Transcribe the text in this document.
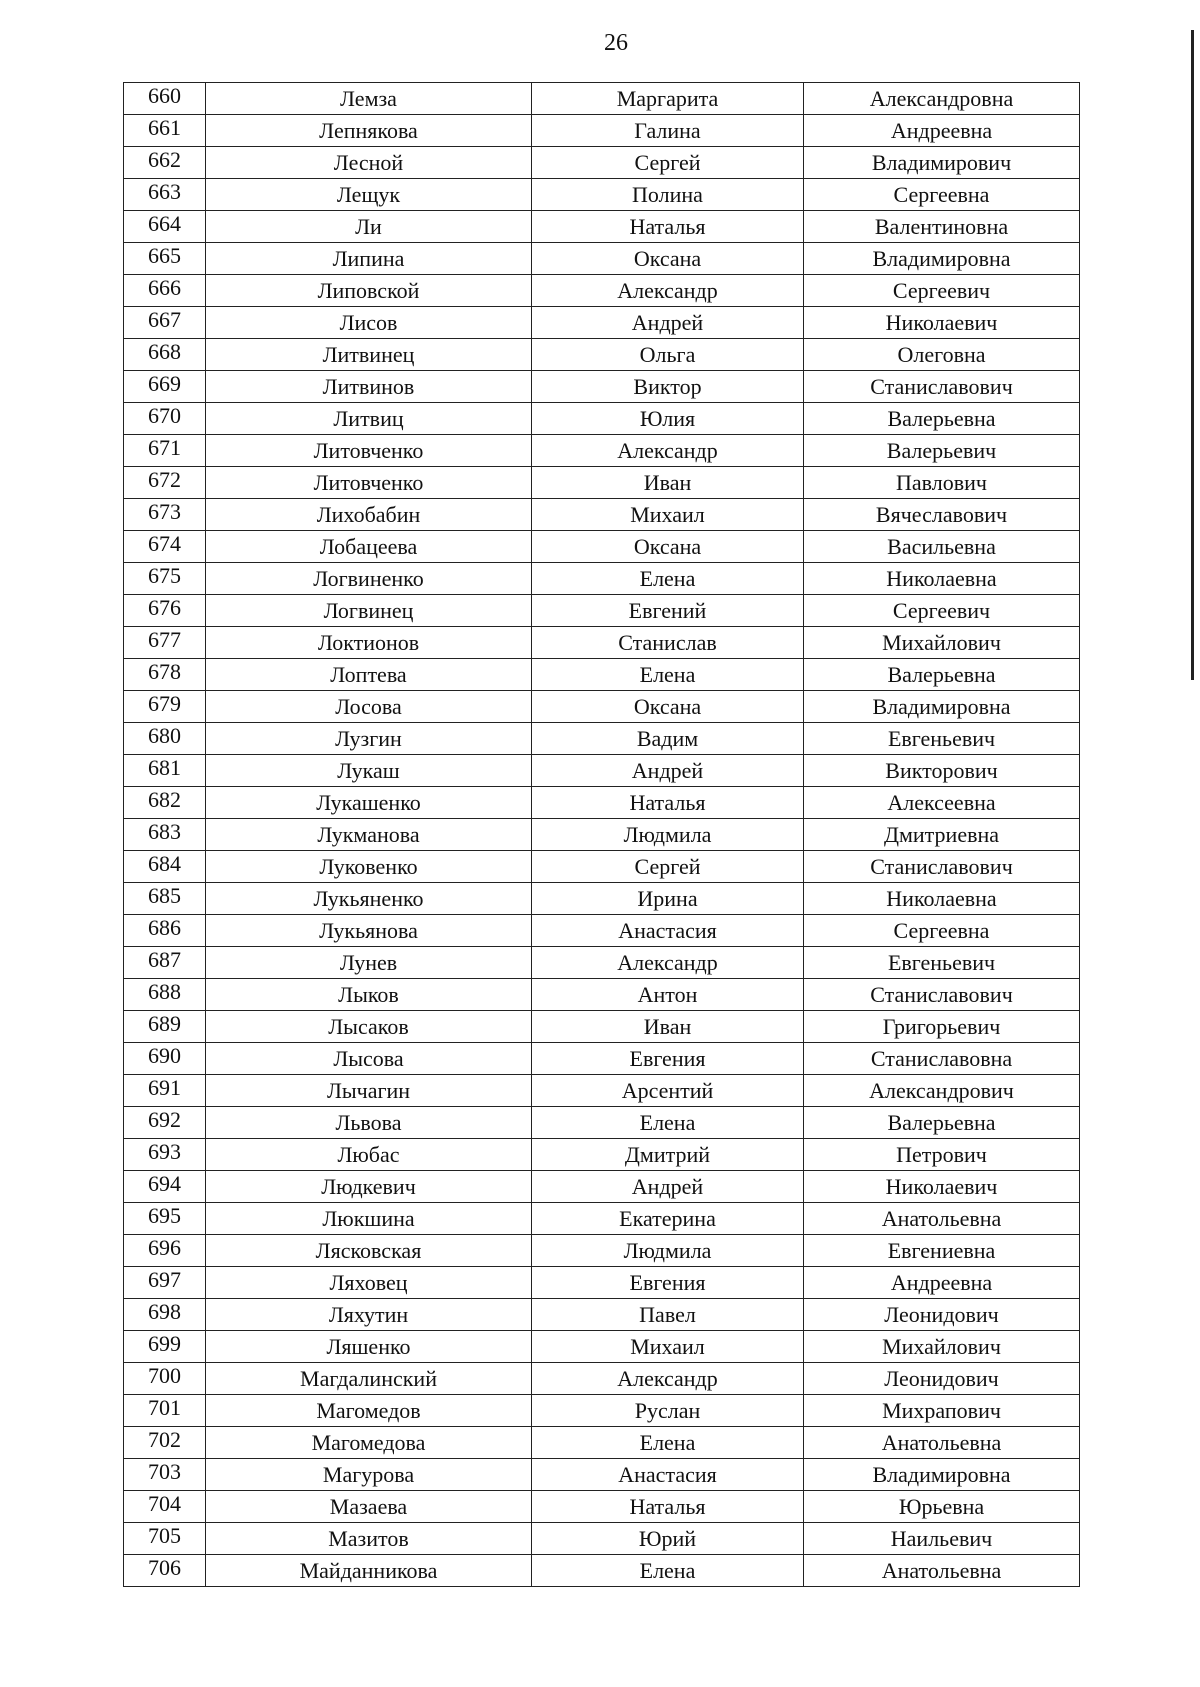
26
660	Лемза	Маргарита	Александровна
661	Лепнякова	Галина	Андреевна
662	Лесной	Сергей	Владимирович
663	Лещук	Полина	Сергеевна
664	Ли	Наталья	Валентиновна
665	Липина	Оксана	Владимировна
666	Липовской	Александр	Сергеевич
667	Лисов	Андрей	Николаевич
668	Литвинец	Ольга	Олеговна
669	Литвинов	Виктор	Станиславович
670	Литвиц	Юлия	Валерьевна
671	Литовченко	Александр	Валерьевич
672	Литовченко	Иван	Павлович
673	Лихобабин	Михаил	Вячеславович
674	Лобацеева	Оксана	Васильевна
675	Логвиненко	Елена	Николаевна
676	Логвинец	Евгений	Сергеевич
677	Локтионов	Станислав	Михайлович
678	Лоптева	Елена	Валерьевна
679	Лосова	Оксана	Владимировна
680	Лузгин	Вадим	Евгеньевич
681	Лукаш	Андрей	Викторович
682	Лукашенко	Наталья	Алексеевна
683	Лукманова	Людмила	Дмитриевна
684	Луковенко	Сергей	Станиславович
685	Лукьяненко	Ирина	Николаевна
686	Лукьянова	Анастасия	Сергеевна
687	Лунев	Александр	Евгеньевич
688	Лыков	Антон	Станиславович
689	Лысаков	Иван	Григорьевич
690	Лысова	Евгения	Станиславовна
691	Лычагин	Арсентий	Александрович
692	Львова	Елена	Валерьевна
693	Любас	Дмитрий	Петрович
694	Людкевич	Андрей	Николаевич
695	Люкшина	Екатерина	Анатольевна
696	Лясковская	Людмила	Евгениевна
697	Ляховец	Евгения	Андреевна
698	Ляхутин	Павел	Леонидович
699	Ляшенко	Михаил	Михайлович
700	Магдалинский	Александр	Леонидович
701	Магомедов	Руслан	Михрапович
702	Магомедова	Елена	Анатольевна
703	Магурова	Анастасия	Владимировна
704	Мазаева	Наталья	Юрьевна
705	Мазитов	Юрий	Наильевич
706	Майданникова	Елена	Анатольевна
